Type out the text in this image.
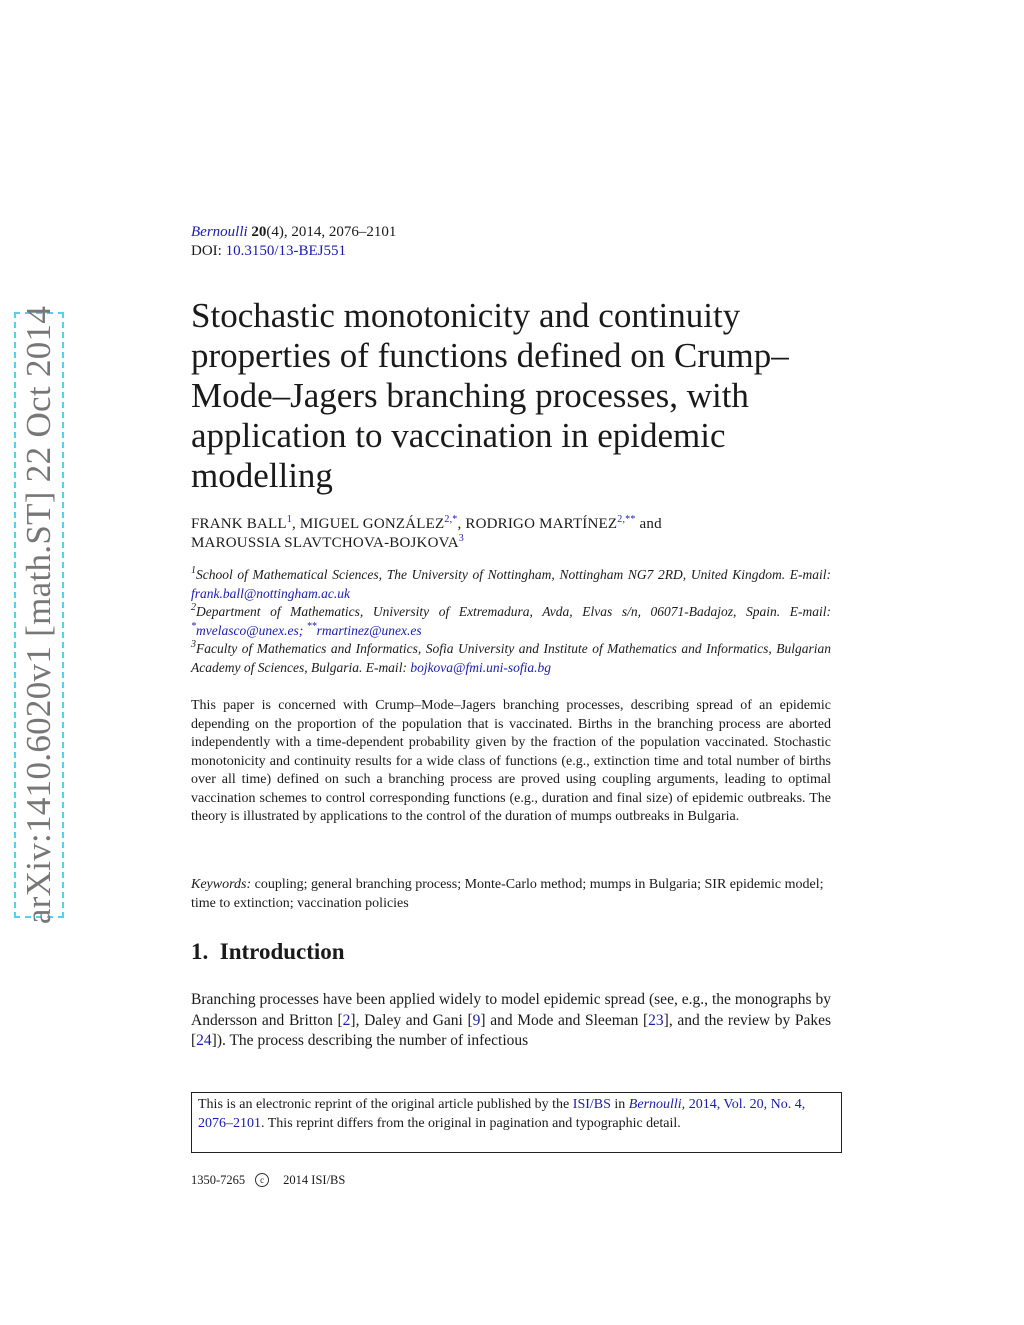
arXiv:1410.6020v1 [math.ST] 22 Oct 2014
Bernoulli 20(4), 2014, 2076–2101
DOI: 10.3150/13-BEJ551
Stochastic monotonicity and continuity properties of functions defined on Crump–Mode–Jagers branching processes, with application to vaccination in epidemic modelling
FRANK BALL$^1$, MIGUEL $GONZÁLEZ^{2,*}$, RODRIGO $MARTÍNEZ^{2,**}$ and
MAROUSSIA SLAVTCHOVA-BOJKOVA$^3$

$^1$School of Mathematical Sciences, The University of Nottingham, Nottingham NG7 2RD, United Kingdom. E-mail: frank.ball@nottingham.ac.uk

$^2$Department of Mathematics, University of Extremadura, Avda, Elvas s/n, 06071-Badajoz, Spain. E-mail: *mvelasco@unex.es; **rmartinez@unex.es

$^3$Faculty of Mathematics and Informatics, Sofia University and Institute of Mathematics and Informatics, Bulgarian Academy of Sciences, Bulgaria. E-mail: bojkova@fmi.uni-sofia.bg

This paper is concerned with Crump–Mode–Jagers branching processes, describing spread of an epidemic depending on the proportion of the population that is vaccinated. Births in the branching process are aborted independently with a time-dependent probability given by the fraction of the population vaccinated. Stochastic monotonicity and continuity results for a wide class of functions (e.g., extinction time and total number of births over all time) defined on such a branching process are proved using coupling arguments, leading to optimal vaccination schemes to control corresponding functions (e.g., duration and final size) of epidemic outbreaks. The theory is illustrated by applications to the control of the duration of mumps outbreaks in Bulgaria.

Keywords: coupling; general branching process; Monte-Carlo method; mumps in Bulgaria; SIR epidemic model; time to extinction; vaccination policies

1. Introduction

Branching processes have been applied widely to model epidemic spread (see, e.g., the monographs by Andersson and Britton [2], Daley and Gani [9] and Mode and Sleeman [23], and the review by Pakes [24]). The process describing the number of infectious

This is an electronic reprint of the original article published by the ISI/BS in Bernoulli, 2014, Vol. 20, No. 4, 2076–2101. This reprint differs from the original in pagination and typographic detail.
1350-7265 c 2014 ISI/BS
